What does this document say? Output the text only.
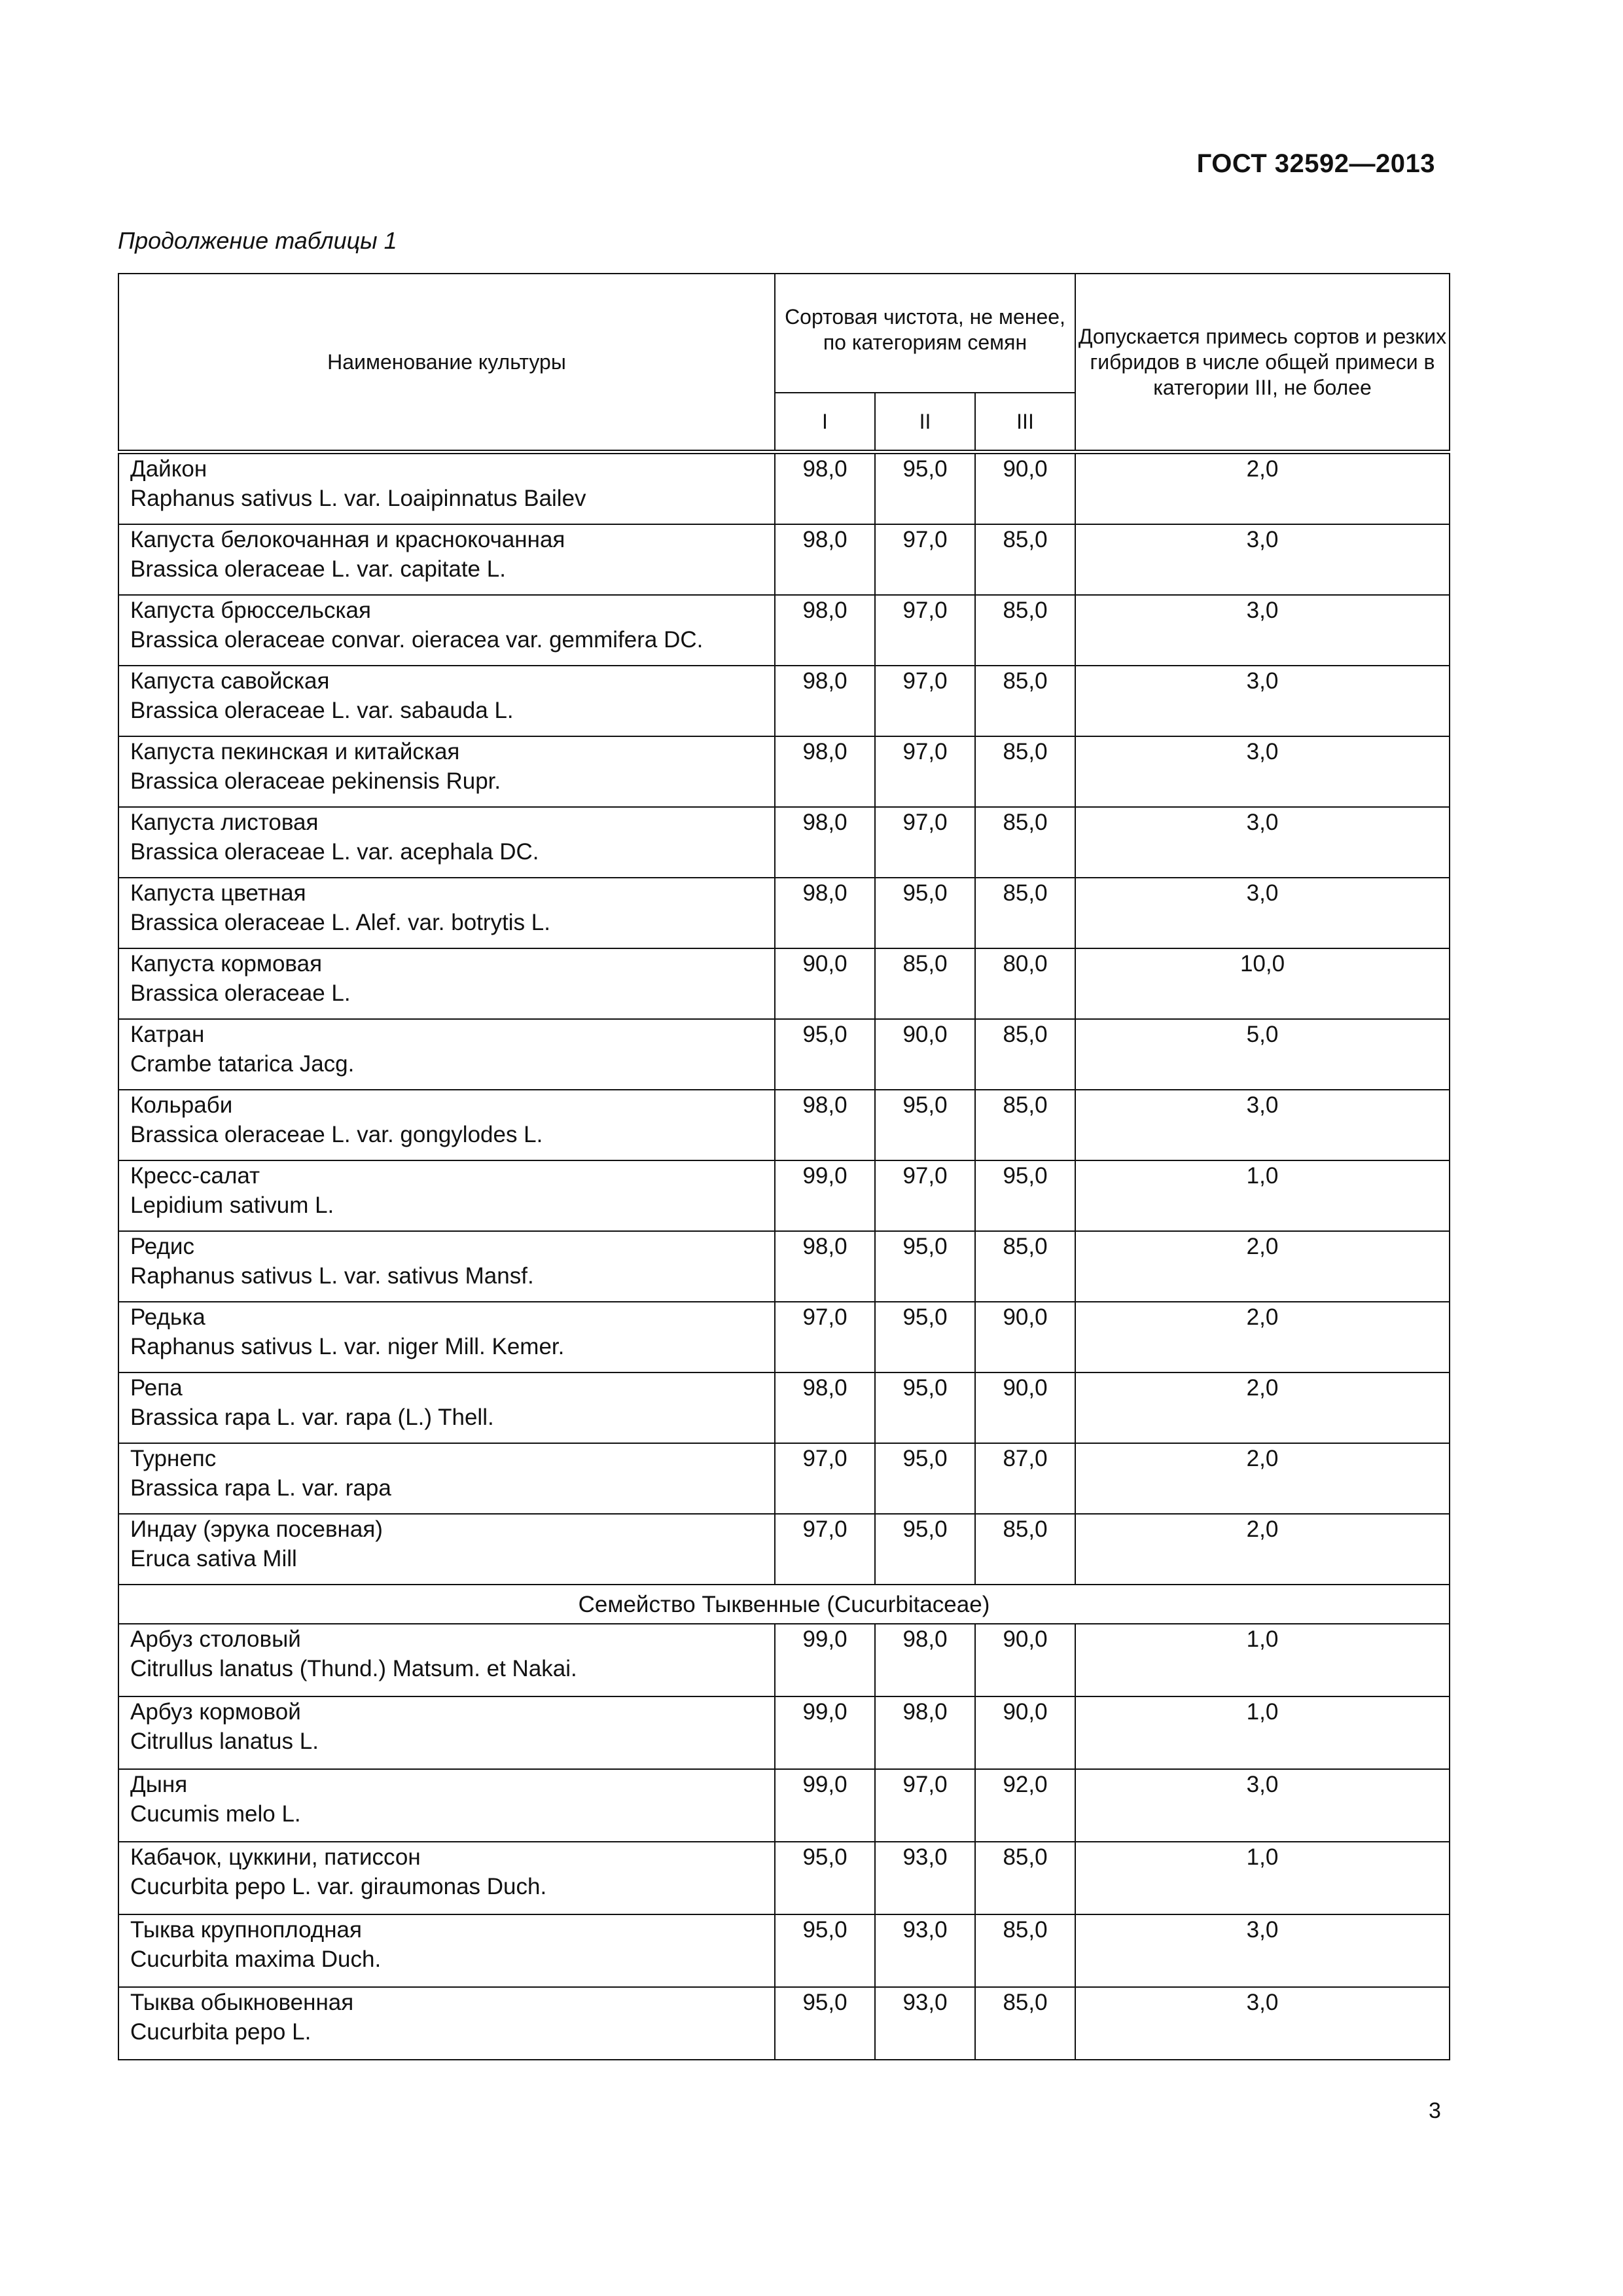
ГОСТ 32592—2013
Продолжение таблицы 1
Наименование культуры	Сортовая чистота, не менее, по категориям семян			Допускается примесь сортов и резких гибридов в числе общей примеси в категории III, не более
	I	II	III	

Дайкон
Raphanus sativus L. var. Loaipinnatus Bailev	98,0	95,0	90,0	2,0

Капуста белокочанная и краснокочанная
Brassica oleraceae L. var. capitate L.	98,0	97,0	85,0	3,0

Капуста брюссельская
Brassica oleraceae convar. oieracea var. gemmifera DC.	98,0	97,0	85,0	3,0

Капуста савойская
Brassica oleraceae L. var. sabauda L.	98,0	97,0	85,0	3,0

Капуста пекинская и китайская
Brassica oleraceae pekinensis Rupr.	98,0	97,0	85,0	3,0

Капуста листовая
Brassica oleraceae L. var. acephala DC.	98,0	97,0	85,0	3,0

Капуста цветная
Brassica oleraceae L. Alef. var. botrytis L.	98,0	95,0	85,0	3,0

Капуста кормовая
Brassica oleraceae L.	90,0	85,0	80,0	10,0

Катран
Crambe tatarica Jacg.	95,0	90,0	85,0	5,0

Кольраби
Brassica oleraceae L. var. gongylodes L.	98,0	95,0	85,0	3,0

Кресс-салат
Lepidium sativum L.	99,0	97,0	95,0	1,0

Редис
Raphanus sativus L. var. sativus Mansf.	98,0	95,0	85,0	2,0

Редька
Raphanus sativus L. var. niger Mill. Kemer.	97,0	95,0	90,0	2,0

Репа
Brassica rapa L. var. rapa (L.) Thell.	98,0	95,0	90,0	2,0

Турнепс
Brassica rapa L. var. rapa	97,0	95,0	87,0	2,0

Индау (эрука посевная)
Eruca sativa Mill	97,0	95,0	85,0	2,0
Семейство Тыквенные (Cucurbitaceae)				

Арбуз столовый
Citrullus lanatus (Thund.) Matsum. et Nakai.	99,0	98,0	90,0	1,0

Арбуз кормовой
Citrullus lanatus L.	99,0	98,0	90,0	1,0

Дыня
Cucumis melo L.	99,0	97,0	92,0	3,0

Кабачок, цуккини, патиссон
Cucurbita pepo L. var. giraumonas Duch.	95,0	93,0	85,0	1,0

Тыква крупноплодная
Cucurbita maxima Duch.	95,0	93,0	85,0	3,0

Тыква обыкновенная
Cucurbita pepo L.	95,0	93,0	85,0	3,0
3
